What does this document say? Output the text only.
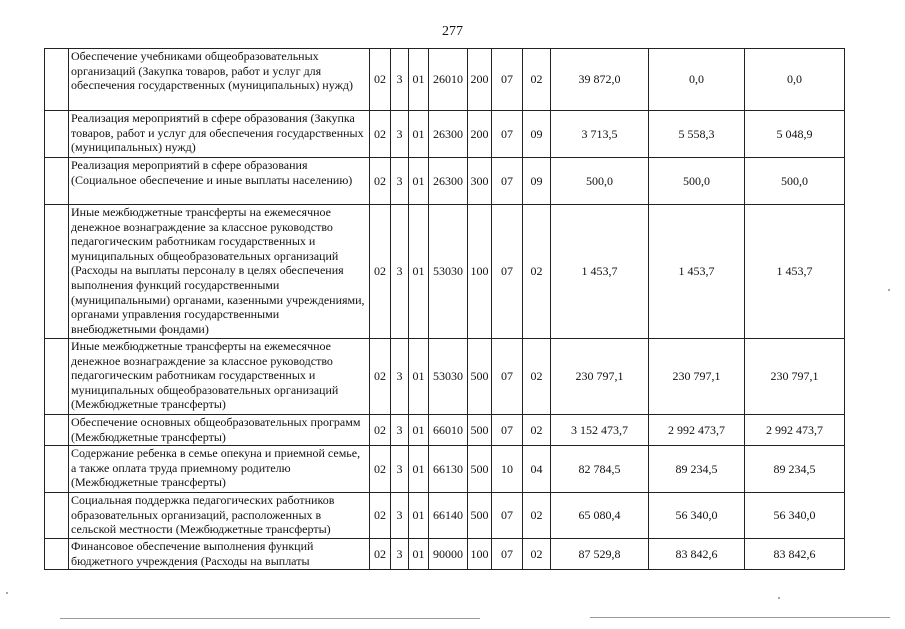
277
	Обеспечение учебниками общеобразовательных организаций (Закупка товаров, работ и услуг для обеспечения государственных (муниципальных) нужд)	02	3	01	26010	200	07	02	39 872,0	0,0	0,0
	Реализация мероприятий в сфере образования (Закупка товаров, работ и услуг для обеспечения государственных (муниципальных) нужд)	02	3	01	26300	200	07	09	3 713,5	5 558,3	5 048,9
	Реализация мероприятий в сфере образования (Социальное обеспечение и иные выплаты населению)	02	3	01	26300	300	07	09	500,0	500,0	500,0
	Иные межбюджетные трансферты на ежемесячное денежное вознаграждение за классное руководство педагогическим работникам государственных и муниципальных общеобразовательных организаций (Расходы на выплаты персоналу в целях обеспечения выполнения функций государственными (муниципальными) органами, казенными учреждениями, органами управления государственными внебюджетными фондами)	02	3	01	53030	100	07	02	1 453,7	1 453,7	1 453,7
	Иные межбюджетные трансферты на ежемесячное денежное вознаграждение за классное руководство педагогическим работникам государственных и муниципальных общеобразовательных организаций (Межбюджетные трансферты)	02	3	01	53030	500	07	02	230 797,1	230 797,1	230 797,1
	Обеспечение основных общеобразовательных программ (Межбюджетные трансферты)	02	3	01	66010	500	07	02	3 152 473,7	2 992 473,7	2 992 473,7
	Содержание ребенка в семье опекуна и приемной семье, а также оплата труда приемному родителю (Межбюджетные трансферты)	02	3	01	66130	500	10	04	82 784,5	89 234,5	89 234,5
	Социальная поддержка педагогических работников образовательных организаций, расположенных в сельской местности (Межбюджетные трансферты)	02	3	01	66140	500	07	02	65 080,4	56 340,0	56 340,0
	Финансовое обеспечение выполнения функций бюджетного учреждения (Расходы на выплаты	02	3	01	90000	100	07	02	87 529,8	83 842,6	83 842,6
